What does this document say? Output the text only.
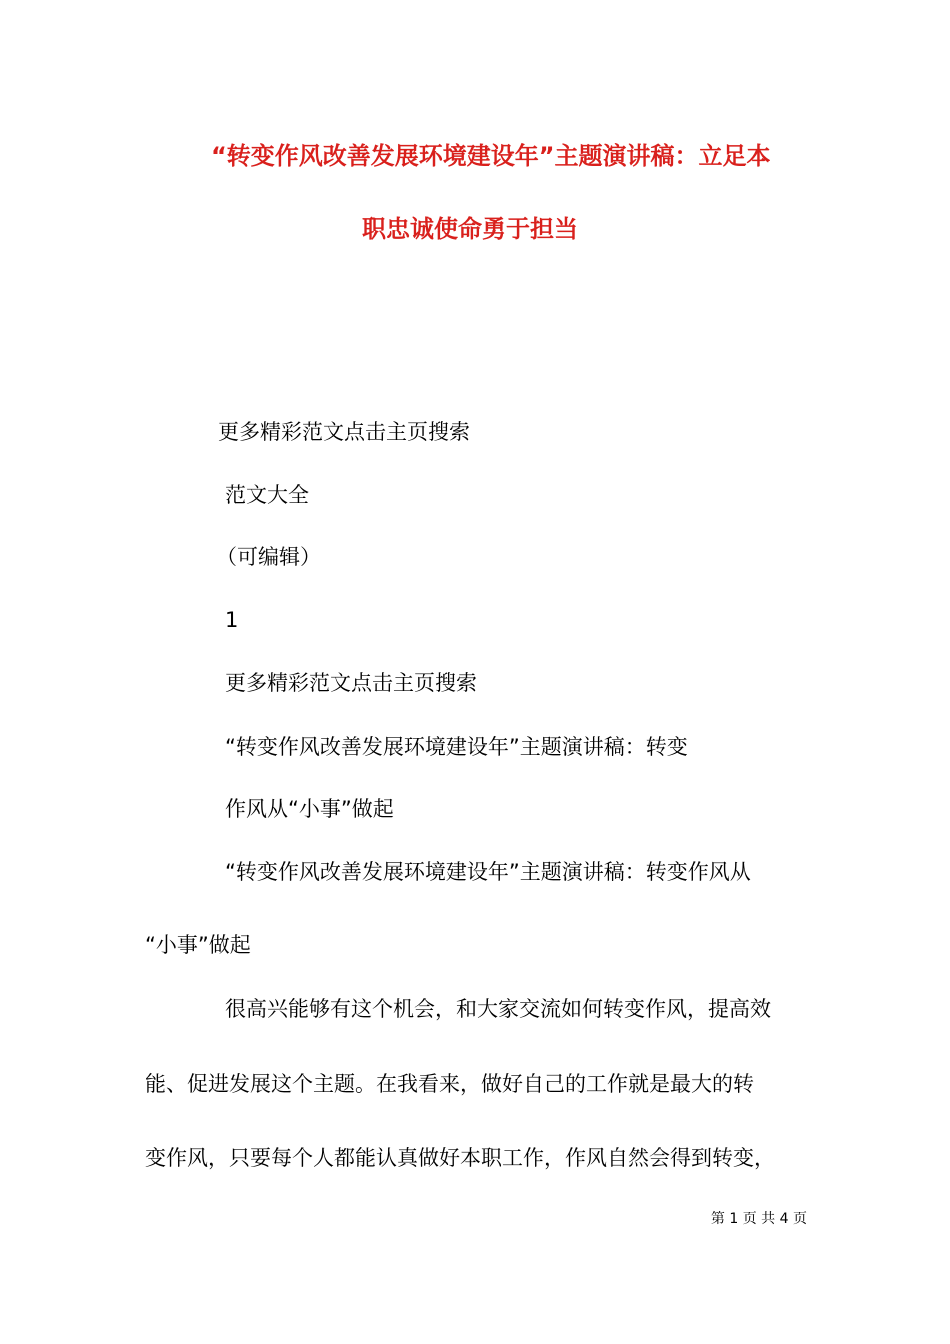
“转变作风改善发展环境建设年”主题演讲稿：立足本
职忠诚使命勇于担当
更多精彩范文点击主页搜索
范文大全
（可编辑）
1
更多精彩范文点击主页搜索
“转变作风改善发展环境建设年”主题演讲稿：转变
作风从“小事”做起
“转变作风改善发展环境建设年”主题演讲稿：转变作风从
“小事”做起
很高兴能够有这个机会，和大家交流如何转变作风，提高效
能、促进发展这个主题。在我看来，做好自己的工作就是最大的转
变作风，只要每个人都能认真做好本职工作，作风自然会得到转变，
第 1 页 共 4 页
